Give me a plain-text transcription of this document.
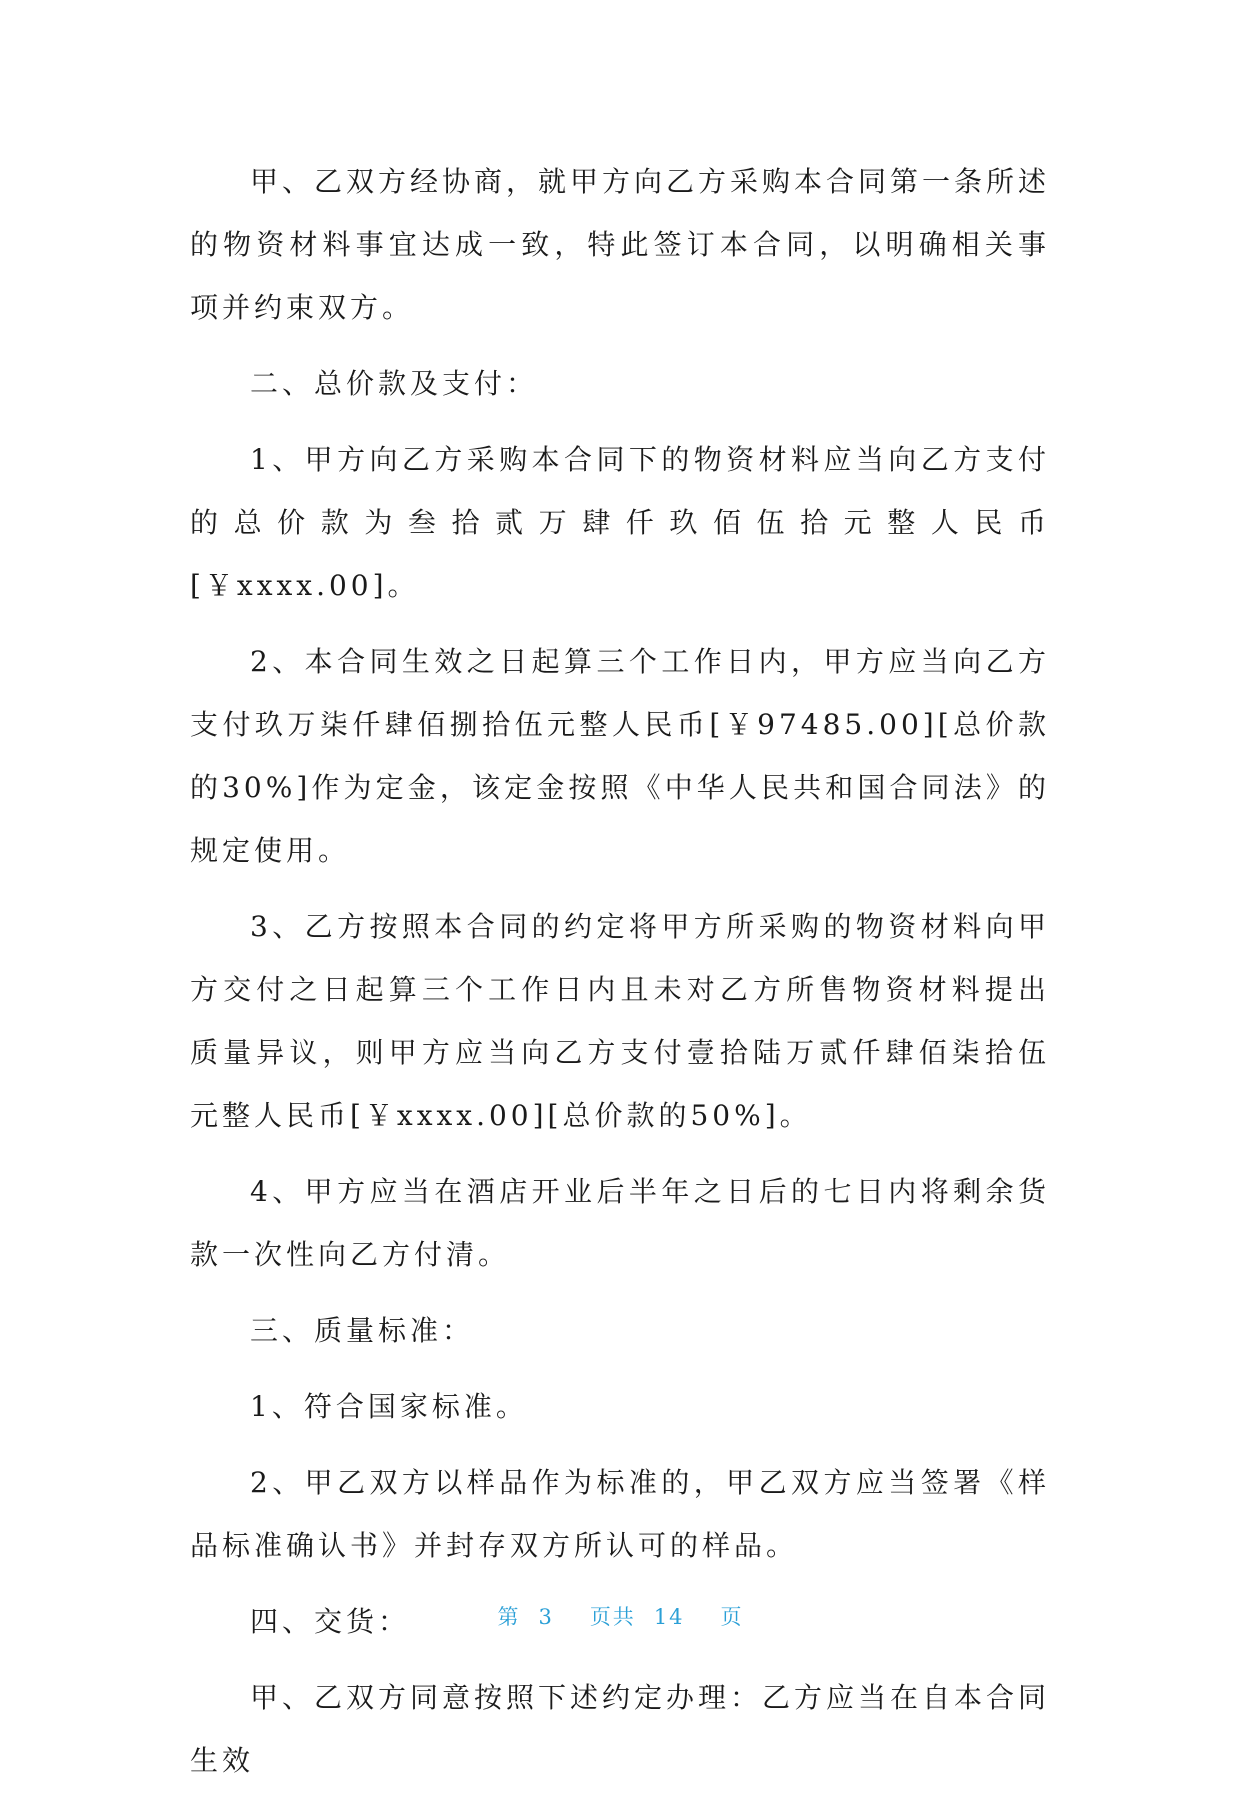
甲、乙双方经协商，就甲方向乙方采购本合同第一条所述的物资材料事宜达成一致，特此签订本合同，以明确相关事项并约束双方。

二、总价款及支付：

1、甲方向乙方采购本合同下的物资材料应当向乙方支付的总价款为叁拾贰万肆仟玖佰伍拾元整人民币[￥xxxx.00]。

2、本合同生效之日起算三个工作日内，甲方应当向乙方支付玖万柒仟肆佰捌拾伍元整人民币[￥97485.00][总价款的30%]作为定金，该定金按照《中华人民共和国合同法》的规定使用。

3、乙方按照本合同的约定将甲方所采购的物资材料向甲方交付之日起算三个工作日内且未对乙方所售物资材料提出质量异议，则甲方应当向乙方支付壹拾陆万贰仟肆佰柒拾伍元整人民币[￥xxxx.00][总价款的50%]。

4、甲方应当在酒店开业后半年之日后的七日内将剩余货款一次性向乙方付清。

三、质量标准：

1、符合国家标准。

2、甲乙双方以样品作为标准的，甲乙双方应当签署《样品标准确认书》并封存双方所认可的样品。

四、交货：

甲、乙双方同意按照下述约定办理：乙方应当在自本合同生效

第 3 页共 14 页
